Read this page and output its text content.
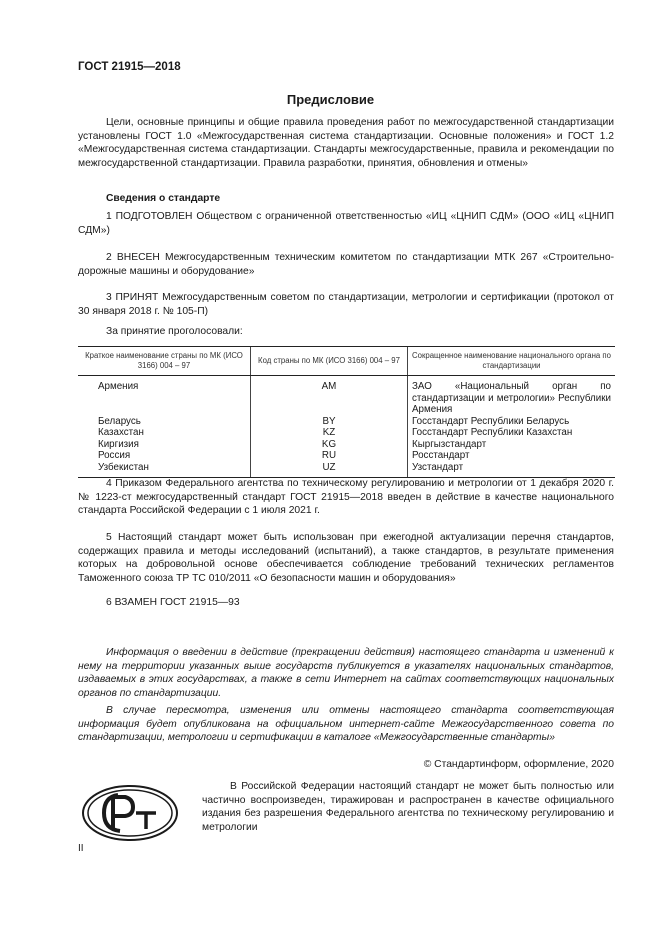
ГОСТ 21915—2018
Предисловие
Цели, основные принципы и общие правила проведения работ по межгосударственной стандартизации установлены ГОСТ 1.0 «Межгосударственная система стандартизации. Основные положения» и ГОСТ 1.2 «Межгосударственная система стандартизации. Стандарты межгосударственные, правила и рекомендации по межгосударственной стандартизации. Правила разработки, принятия, обновления и отмены»
Сведения о стандарте
1 ПОДГОТОВЛЕН Обществом с ограниченной ответственностью «ИЦ «ЦНИП СДМ» (ООО «ИЦ «ЦНИП СДМ»)
2 ВНЕСЕН Межгосударственным техническим комитетом по стандартизации МТК 267 «Строительно-дорожные машины и оборудование»
3 ПРИНЯТ Межгосударственным советом по стандартизации, метрологии и сертификации (протокол от 30 января 2018 г. № 105-П)
За принятие проголосовали:
Краткое наименование страны по МК (ИСО 3166) 004 – 97	Код страны по МК (ИСО 3166) 004 – 97	Сокращенное наименование национального органа по стандартизации
Армения	AM	ЗАО «Национальный орган по стандартизации и метрологии» Республики Армения
Беларусь	BY	Госстандарт Республики Беларусь
Казахстан	KZ	Госстандарт Республики Казахстан
Киргизия	KG	Кыргызстандарт
Россия	RU	Росстандарт
Узбекистан	UZ	Узстандарт
4 Приказом Федерального агентства по техническому регулированию и метрологии от 1 декабря 2020 г. № 1223-ст межгосударственный стандарт ГОСТ 21915—2018 введен в действие в качестве национального стандарта Российской Федерации с 1 июля 2021 г.
5 Настоящий стандарт может быть использован при ежегодной актуализации перечня стандартов, содержащих правила и методы исследований (испытаний), а также стандартов, в результате применения которых на добровольной основе обеспечивается соблюдение требований технических регламентов Таможенного союза ТР ТС 010/2011 «О безопасности машин и оборудования»
6 ВЗАМЕН ГОСТ 21915—93
Информация о введении в действие (прекращении действия) настоящего стандарта и изменений к нему на территории указанных выше государств публикуется в указателях национальных стандартов, издаваемых в этих государствах, а также в сети Интернет на сайтах соответствующих национальных органов по стандартизации.
В случае пересмотра, изменения или отмены настоящего стандарта соответствующая информация будет опубликована на официальном интернет-сайте Межгосударственного совета по стандартизации, метрологии и сертификации в каталоге «Межгосударственные стандарты»
© Стандартинформ, оформление, 2020
В Российской Федерации настоящий стандарт не может быть полностью или частично воспроизведен, тиражирован и распространен в качестве официального издания без разрешения Федерального агентства по техническому регулированию и метрологии
II
